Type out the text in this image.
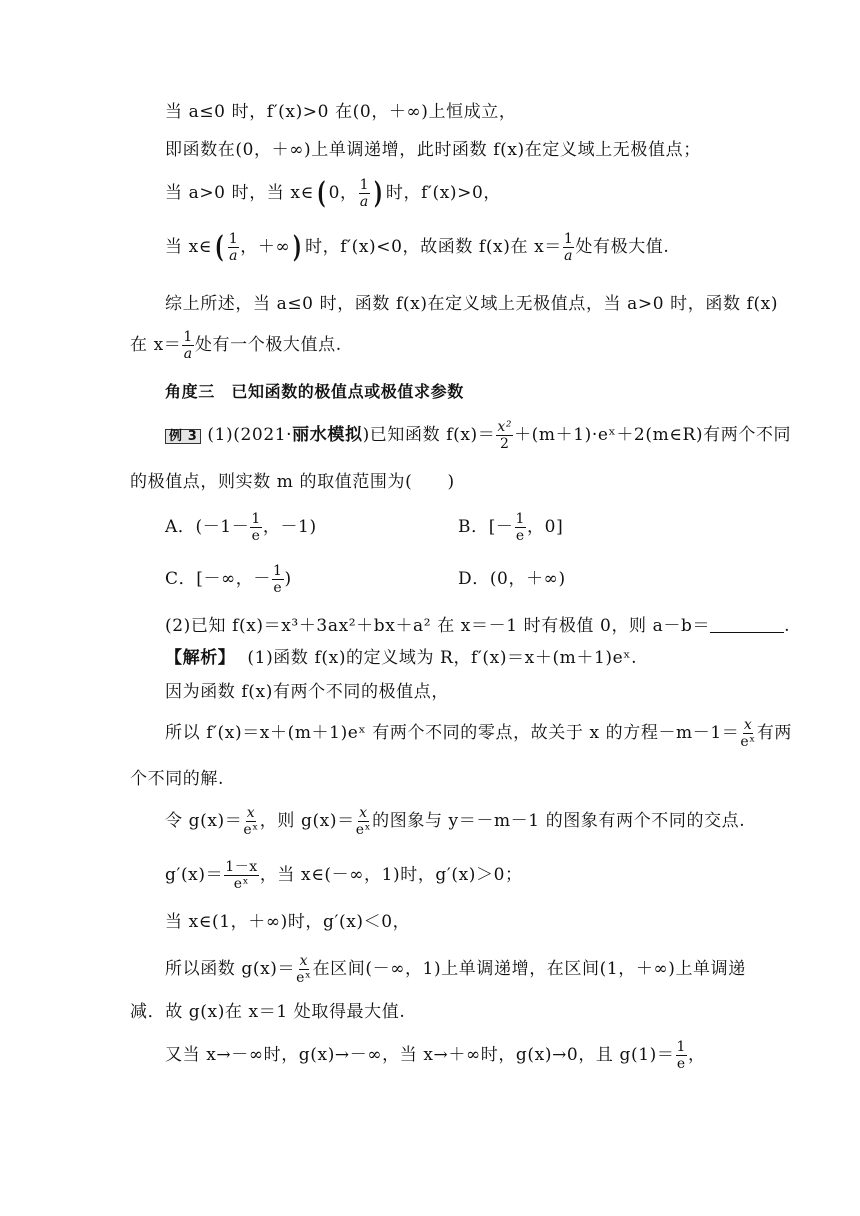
当 a≤0 时，f′(x)>0 在(0，＋∞)上恒成立，
即函数在(0，＋∞)上单调递增，此时函数 f(x)在定义域上无极值点；
当 a>0 时，当 x∈( 0， $\frac{1}{a}$ ) 时，f′(x)>0，
当 x∈( $\frac{1}{a}$ ，＋∞) 时，f′(x)<0，故函数 f(x)在 $x= \frac{1}{a}$ 处有极大值.
综上所述，当 a≤0 时，函数 f(x)在定义域上无极值点，当 a>0 时，函数 f(x)
在 $x= \frac{1}{a}$ 处有一个极大值点.
角度三　已知函数的极值点或极值求参数
例 3 (1)(2021·丽水模拟)已知函数 $f(x)= \frac{\text{x²}}{2}$ ＋(m＋1)·eˣ＋2(m∈R)有两个不同
的极值点，则实数 m 的取值范围为(　　)
A．($-1- \frac{1}{e}$ ，－1)	B．[－ $\frac{1}{e}$ ，0]
C．[－∞，－ $\frac{1}{e}$ )	D．(0，＋∞)
(2)已知 f(x)＝x³＋3ax²＋bx＋a² 在 x＝－1 时有极值 0，则 a－b＝	.
【解析】 (1)函数 f(x)的定义域为 R，f′(x)＝x＋(m＋1)eˣ.
因为函数 f(x)有两个不同的极值点，
所以 f′(x)＝x＋(m＋1)eˣ 有两个不同的零点，故关于 x 的方程$-m-1= \frac{x}{\text{eˣ}}$ 有两
个不同的解.
令 $g(x)= \frac{x}{\text{eˣ}}$ ，则 $g(x)= \frac{x}{\text{eˣ}}$ 的图象与 y＝－m－1 的图象有两个不同的交点.
$g'(x)= \frac{1-x}{\text{eˣ}}$ ，当 x∈(－∞，1)时，g′(x)＞0；
当 x∈(1，＋∞)时，g′(x)＜0，
所以函数 $g(x)= \frac{x}{\text{eˣ}}$ 在区间(－∞，1)上单调递增，在区间(1，＋∞)上单调递
减．故 g(x)在 x＝1 处取得最大值.
又当 x→－∞时，g(x)→－∞，当 x→＋∞时，g(x)→0，且 $g(1)= \frac{1}{e}$ ，
